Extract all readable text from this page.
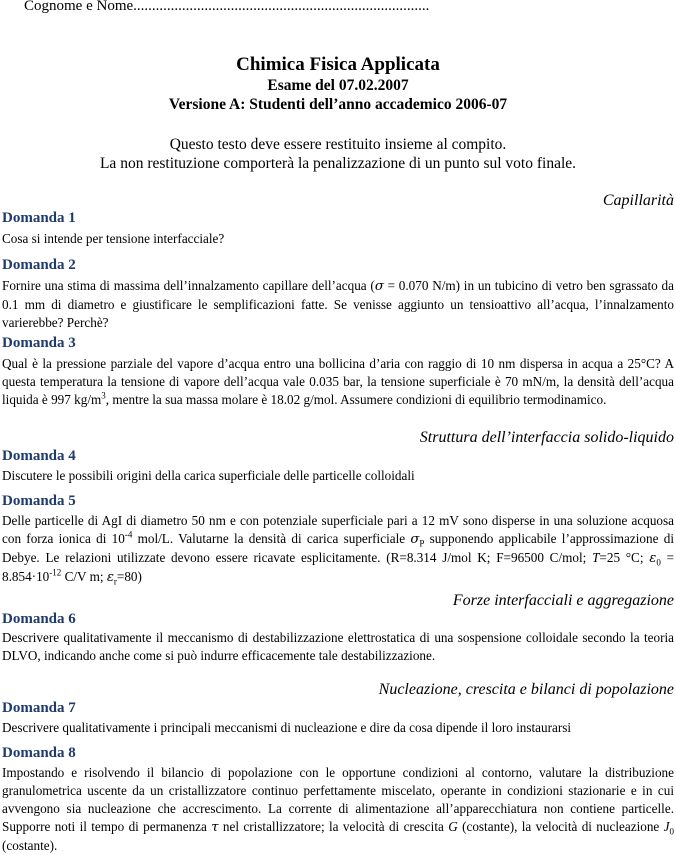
Cognome e Nome...............................................................................
Chimica Fisica Applicata
Esame del 07.02.2007
Versione A: Studenti dell’anno accademico 2006-07
Questo testo deve essere restituito insieme al compito.
La non restituzione comporterà la penalizzazione di un punto sul voto finale.
Capillarità
Domanda 1
Cosa si intende per tensione interfacciale?
Domanda 2
Fornire una stima di massima dell’innalzamento capillare dell’acqua (σ = 0.070 N/m) in un tubicino di vetro ben sgrassato da 0.1 mm di diametro e giustificare le semplificazioni fatte. Se venisse aggiunto un tensioattivo all’acqua, l’innalzamento varierebbe? Perchè?
Domanda 3
Qual è la pressione parziale del vapore d’acqua entro una bollicina d’aria con raggio di 10 nm dispersa in acqua a 25°C? A questa temperatura la tensione di vapore dell’acqua vale 0.035 bar, la tensione superficiale è 70 mN/m, la densità dell’acqua liquida è 997 $kg/m^3$, mentre la sua massa molare è 18.02 g/mol. Assumere condizioni di equilibrio termodinamico.
Struttura dell’interfaccia solido-liquido
Domanda 4
Discutere le possibili origini della carica superficiale delle particelle colloidali
Domanda 5
Delle particelle di AgI di diametro 50 nm e con potenziale superficiale pari a 12 mV sono disperse in una soluzione acquosa con forza ionica di $10^{-4}$ mol/L. Valutarne la densità di carica superficiale $\sigma_P$ supponendo applicabile l’approssimazione di Debye. Le relazioni utilizzate devono essere ricavate esplicitamente. (R=8.314 J/mol K; F=96500 C/mol; T=25 °C; $\varepsilon_0 = 8.854\cdot 10^{-12}$ C/V m; $\varepsilon_r=80$)
Forze interfacciali e aggregazione
Domanda 6
Descrivere qualitativamente il meccanismo di destabilizzazione elettrostatica di una sospensione colloidale secondo la teoria DLVO, indicando anche come si può indurre efficacemente tale destabilizzazione.
Nucleazione, crescita e bilanci di popolazione
Domanda 7
Descrivere qualitativamente i principali meccanismi di nucleazione e dire da cosa dipende il loro instaurarsi
Domanda 8
Impostando e risolvendo il bilancio di popolazione con le opportune condizioni al contorno, valutare la distribuzione granulometrica uscente da un cristallizzatore continuo perfettamente miscelato, operante in condizioni stazionarie e in cui avvengono sia nucleazione che accrescimento. La corrente di alimentazione all’apparecchiatura non contiene particelle. Supporre noti il tempo di permanenza τ nel cristallizzatore; la velocità di crescita G (costante), la velocità di nucleazione $J_0$ (costante).
